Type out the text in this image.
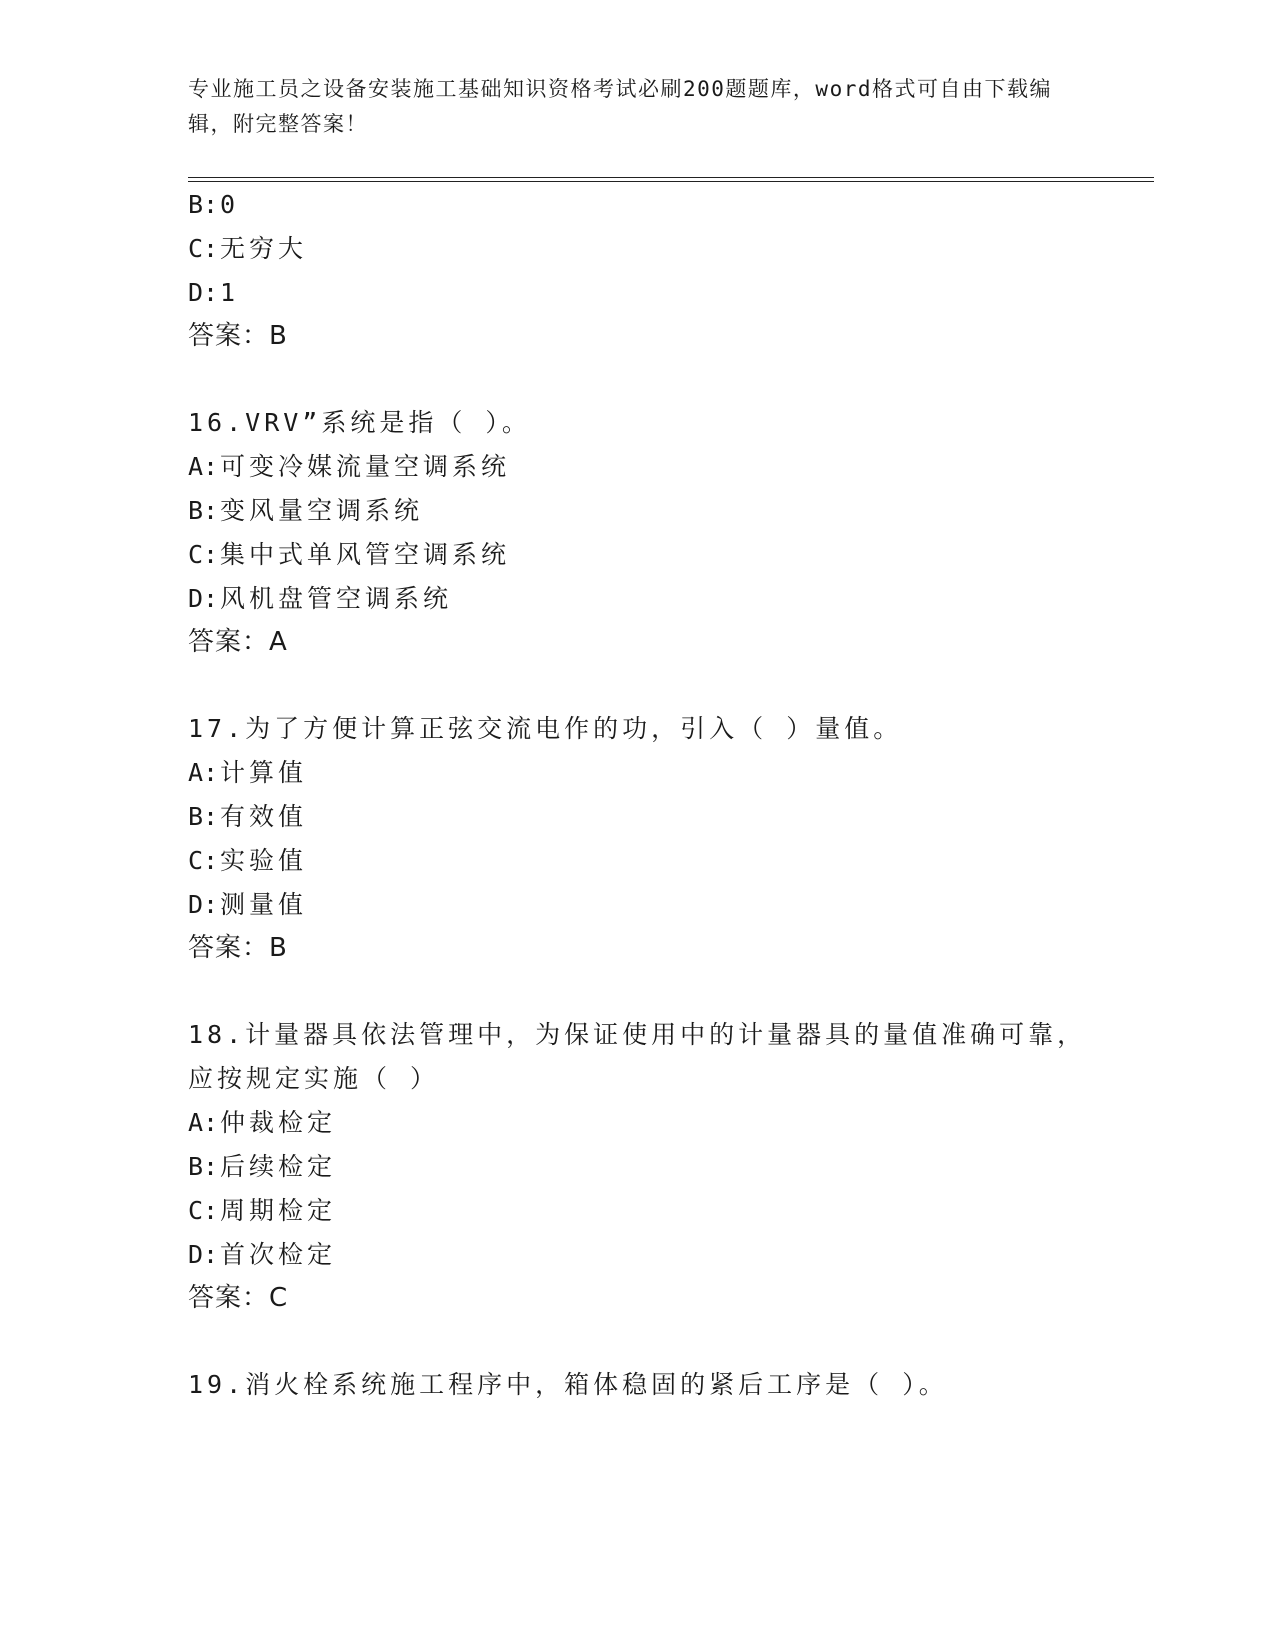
专业施工员之设备安装施工基础知识资格考试必刷200题题库，word格式可自由下载编辑，附完整答案！
B:0
C:无穷大
D:1
答案：B
16.VRV”系统是指（ ）。
A:可变冷媒流量空调系统
B:变风量空调系统
C:集中式单风管空调系统
D:风机盘管空调系统
答案：A
17.为了方便计算正弦交流电作的功，引入（ ）量值。
A:计算值
B:有效值
C:实验值
D:测量值
答案：B
18.计量器具依法管理中，为保证使用中的计量器具的量值准确可靠，
应按规定实施（ ）
A:仲裁检定
B:后续检定
C:周期检定
D:首次检定
答案：C
19.消火栓系统施工程序中，箱体稳固的紧后工序是（ ）。
